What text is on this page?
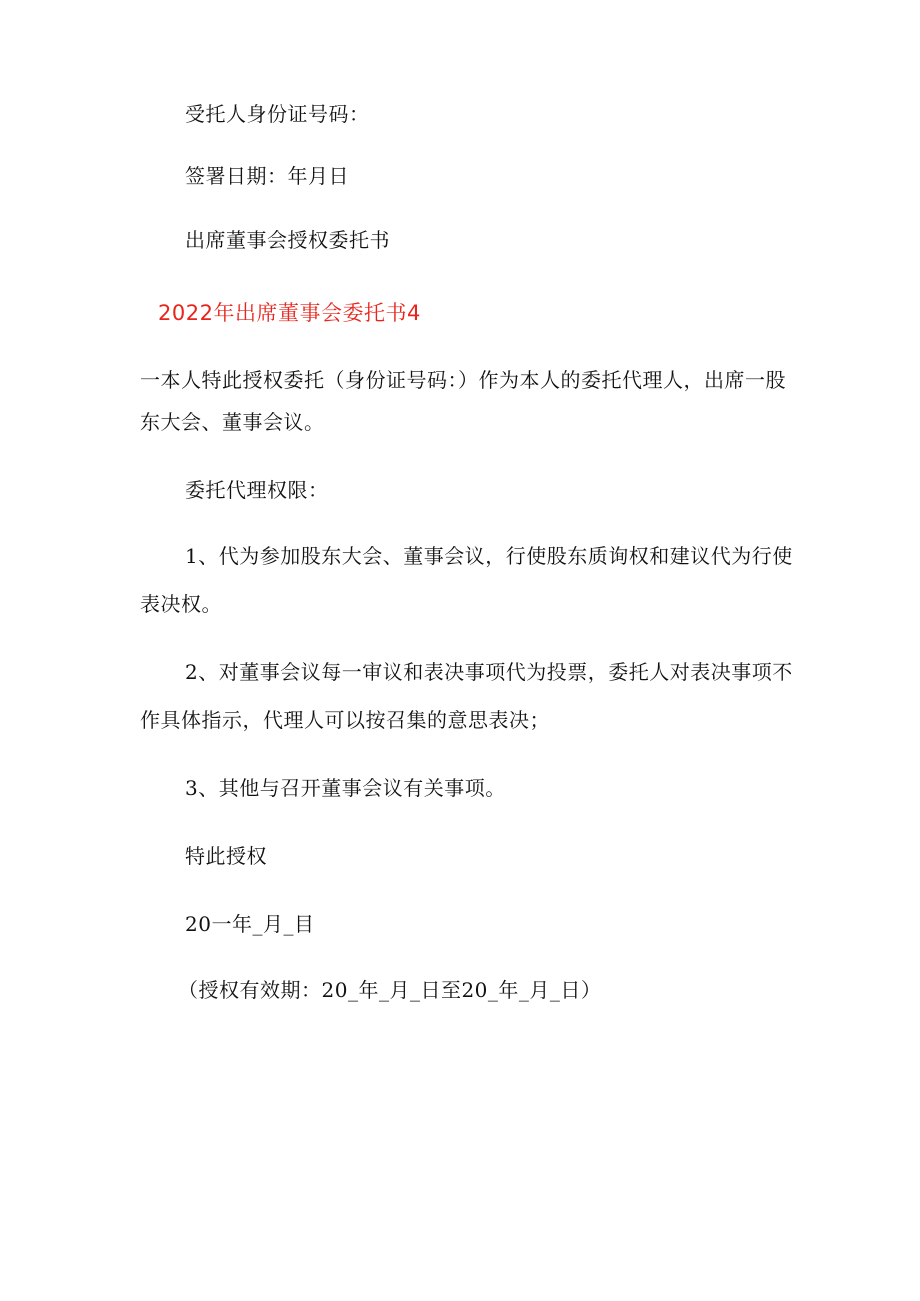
受托人身份证号码：
签署日期：年月日
出席董事会授权委托书
2022年出席董事会委托书4
一本人特此授权委托（身份证号码：）作为本人的委托代理人，出席一股
东大会、董事会议。
委托代理权限：
1、代为参加股东大会、董事会议，行使股东质询权和建议代为行使
表决权。
2、对董事会议每一审议和表决事项代为投票，委托人对表决事项不
作具体指示，代理人可以按召集的意思表决；
3、其他与召开董事会议有关事项。
特此授权
20一年_月_目
（授权有效期：20_年_月_日至20_年_月_日）
